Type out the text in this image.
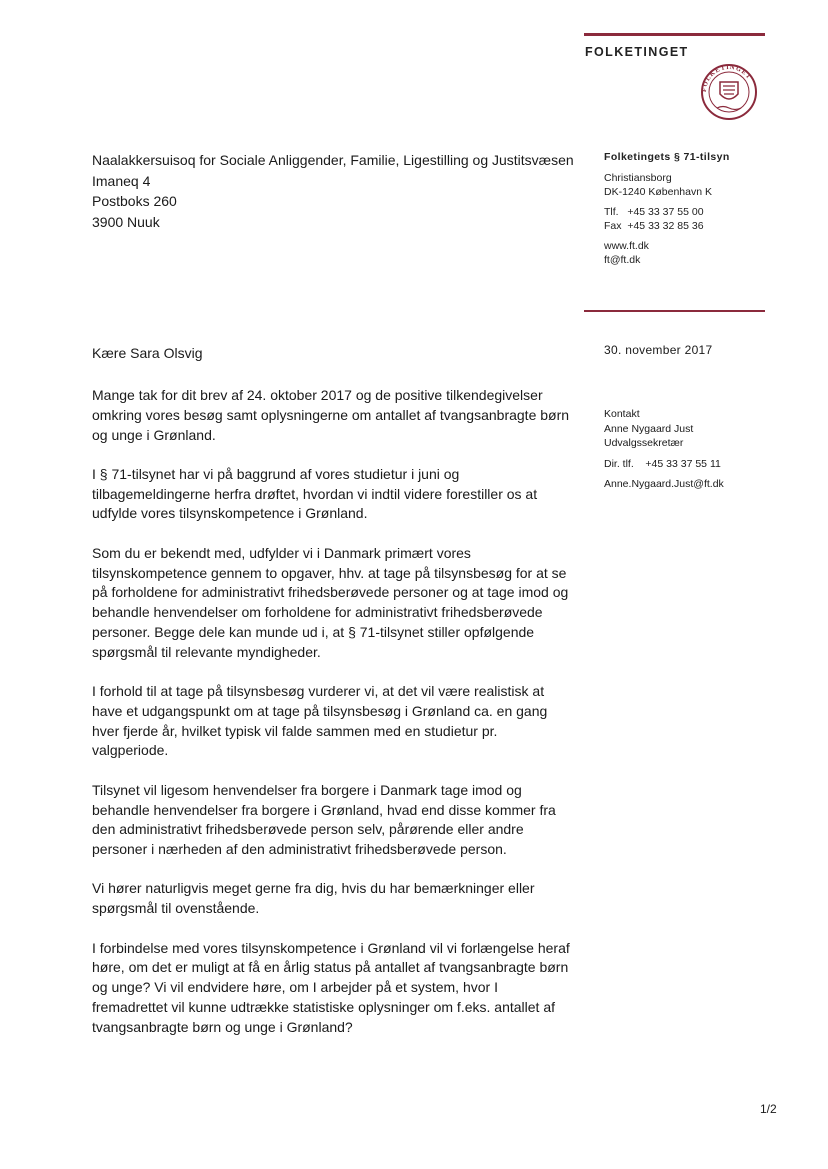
FOLKETINGET
FOLKETINGET
Naalakkersuisoq for Sociale Anliggender, Familie, Ligestilling og Justitsvæsen
Imaneq 4
Postboks 260
3900 Nuuk
Folketingets § 71-tilsyn
Christiansborg
DK-1240 København K
Tlf.   +45 33 37 55 00
Fax  +45 33 32 85 36
www.ft.dk
ft@ft.dk
30. november 2017
Kontakt
Anne Nygaard Just
Udvalgssekretær
Dir. tlf.    +45 33 37 55 11
Anne.Nygaard.Just@ft.dk
Kære Sara Olsvig

Mange tak for dit brev af 24. oktober 2017 og de positive tilkendegivelser omkring vores besøg samt oplysningerne om antallet af tvangsanbragte børn og unge i Grønland.

I § 71-tilsynet har vi på baggrund af vores studietur i juni og tilbagemeldingerne herfra drøftet, hvordan vi indtil videre forestiller os at udfylde vores tilsynskompetence i Grønland.

Som du er bekendt med, udfylder vi i Danmark primært vores tilsynskompetence gennem to opgaver, hhv. at tage på tilsynsbesøg for at se på forholdene for administrativt frihedsberøvede personer og at tage imod og behandle henvendelser om forholdene for administrativt frihedsberøvede personer. Begge dele kan munde ud i, at § 71-tilsynet stiller opfølgende spørgsmål til relevante myndigheder.

I forhold til at tage på tilsynsbesøg vurderer vi, at det vil være realistisk at have et udgangspunkt om at tage på tilsynsbesøg i Grønland ca. en gang hver fjerde år, hvilket typisk vil falde sammen med en studietur pr. valgperiode.

Tilsynet vil ligesom henvendelser fra borgere i Danmark tage imod og behandle henvendelser fra borgere i Grønland, hvad end disse kommer fra den administrativt frihedsberøvede person selv, pårørende eller andre personer i nærheden af den administrativt frihedsberøvede person.

Vi hører naturligvis meget gerne fra dig, hvis du har bemærkninger eller spørgsmål til ovenstående.

I forbindelse med vores tilsynskompetence i Grønland vil vi forlængelse heraf høre, om det er muligt at få en årlig status på antallet af tvangsanbragte børn og unge? Vi vil endvidere høre, om I arbejder på et system, hvor I fremadrettet vil kunne udtrække statistiske oplysninger om f.eks. antallet af tvangsanbragte børn og unge i Grønland?

1/2
